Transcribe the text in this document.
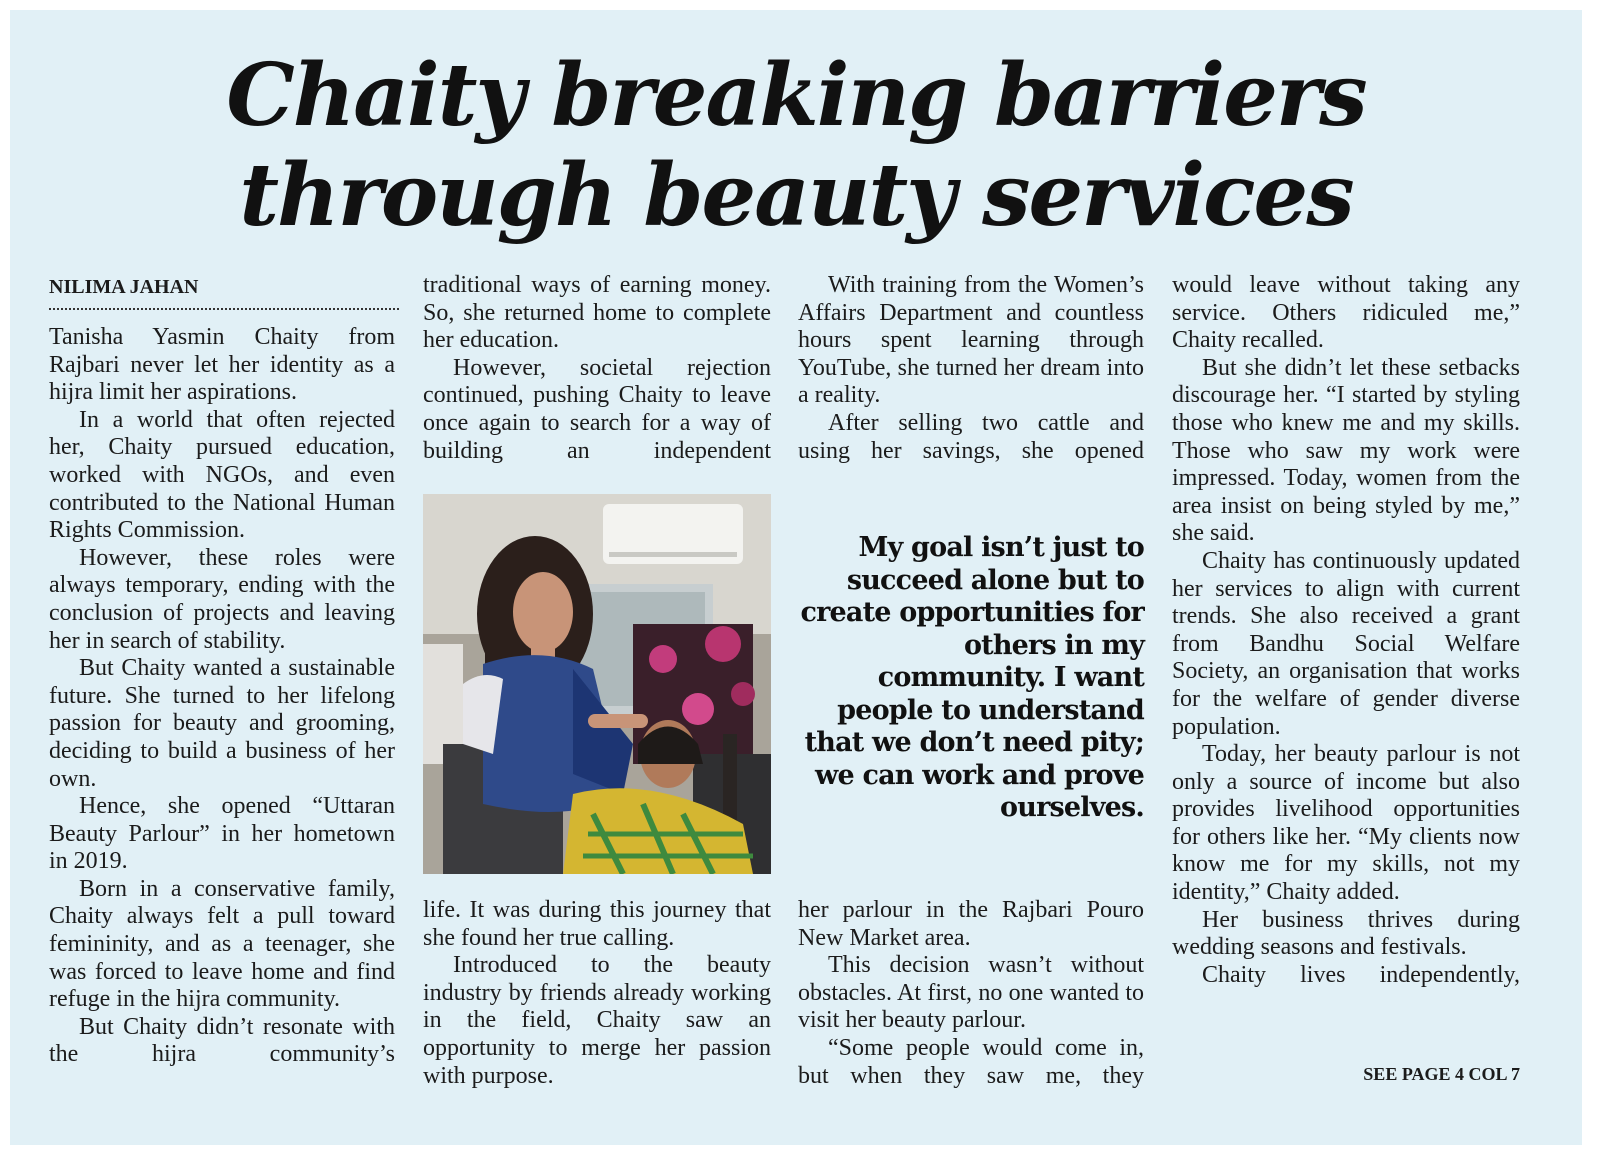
Chaity breaking barriers
through beauty services
NILIMA JAHAN

Tanisha Yasmin Chaity from Rajbari never let her identity as a hijra limit her aspirations.

In a world that often rejected her, Chaity pursued education, worked with NGOs, and even contributed to the National Human Rights Commission.

However, these roles were always temporary, ending with the conclusion of projects and leaving her in search of stability.

But Chaity wanted a sustainable future. She turned to her lifelong passion for beauty and grooming, deciding to build a business of her own.

Hence, she opened “Uttaran Beauty Parlour” in her hometown in 2019.

Born in a conservative family, Chaity always felt a pull toward femininity, and as a teenager, she was forced to leave home and find refuge in the hijra community.

But Chaity didn’t resonate with the hijra community’s

traditional ways of earning money. So, she returned home to complete her education.

However, societal rejection continued, pushing Chaity to leave once again to search for a way of building an independent

life. It was during this journey that she found her true calling.

Introduced to the beauty industry by friends already working in the field, Chaity saw an opportunity to merge her passion with purpose.

With training from the Women’s Affairs Department and countless hours spent learning through YouTube, she turned her dream into a reality.

After selling two cattle and using her savings, she opened

My goal isn’t just to succeed alone but to create opportunities for others in my community. I want people to understand that we don’t need pity; we can work and prove ourselves.

her parlour in the Rajbari Pouro New Market area.

This decision wasn’t without obstacles. At first, no one wanted to visit her beauty parlour.

“Some people would come in, but when they saw me, they

would leave without taking any service. Others ridiculed me,” Chaity recalled.

But she didn’t let these setbacks discourage her. “I started by styling those who knew me and my skills. Those who saw my work were impressed. Today, women from the area insist on being styled by me,” she said.

Chaity has continuously updated her services to align with current trends. She also received a grant from Bandhu Social Welfare Society, an organisation that works for the welfare of gender diverse population.

Today, her beauty parlour is not only a source of income but also provides livelihood opportunities for others like her. “My clients now know me for my skills, not my identity,” Chaity added.

Her business thrives during wedding seasons and festivals.

Chaity lives independently,

SEE PAGE 4 COL 7
